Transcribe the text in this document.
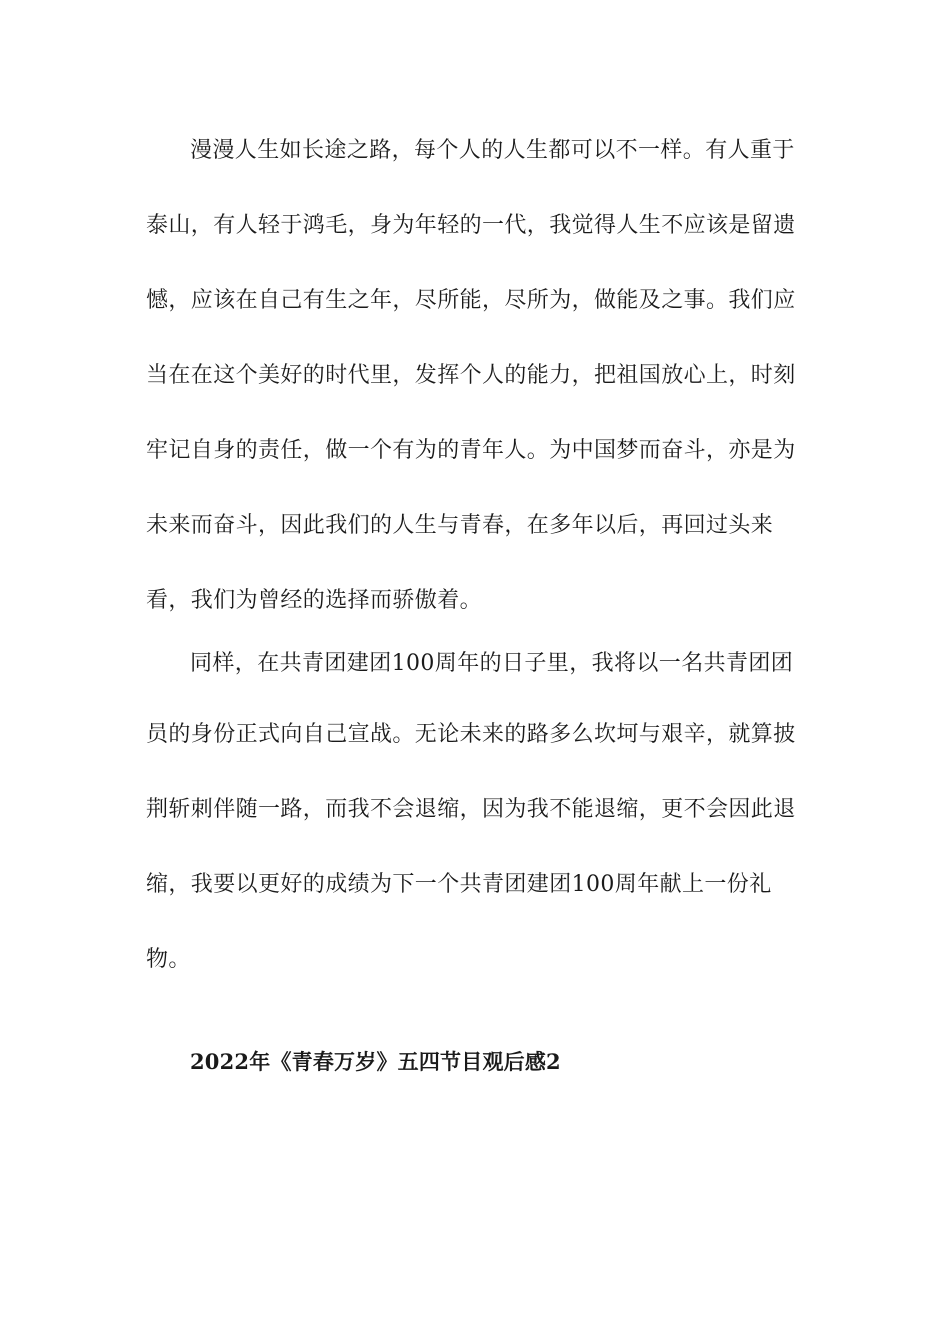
漫漫人生如长途之路，每个人的人生都可以不一样。有人重于
泰山，有人轻于鸿毛，身为年轻的一代，我觉得人生不应该是留遗
憾，应该在自己有生之年，尽所能，尽所为，做能及之事。我们应
当在在这个美好的时代里，发挥个人的能力，把祖国放心上，时刻
牢记自身的责任，做一个有为的青年人。为中国梦而奋斗，亦是为
未来而奋斗，因此我们的人生与青春，在多年以后，再回过头来
看，我们为曾经的选择而骄傲着。
同样，在共青团建团100周年的日子里，我将以一名共青团团
员的身份正式向自己宣战。无论未来的路多么坎坷与艰辛，就算披
荆斩刺伴随一路，而我不会退缩，因为我不能退缩，更不会因此退
缩，我要以更好的成绩为下一个共青团建团100周年献上一份礼
物。
2022年《青春万岁》五四节目观后感2
